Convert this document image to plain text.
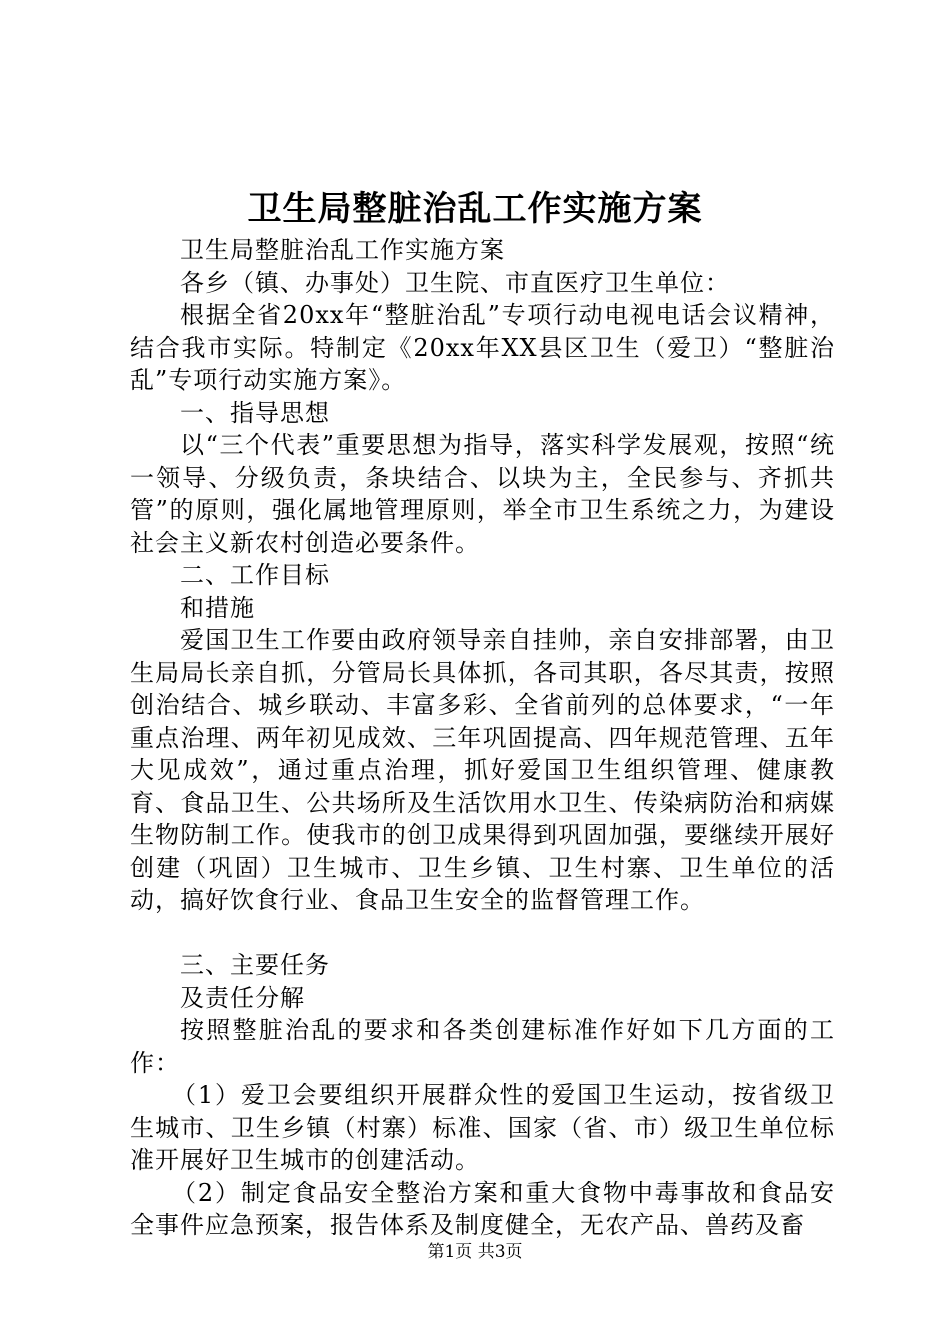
卫生局整脏治乱工作实施方案

卫生局整脏治乱工作实施方案

各乡（镇、办事处）卫生院、市直医疗卫生单位：

根据全省20xx年“整脏治乱”专项行动电视电话会议精神，结合我市实际。特制定《20xx年XX县区卫生（爱卫）“整脏治乱”专项行动实施方案》。

一、指导思想

以“三个代表”重要思想为指导，落实科学发展观，按照“统一领导、分级负责，条块结合、以块为主，全民参与、齐抓共管”的原则，强化属地管理原则，举全市卫生系统之力，为建设社会主义新农村创造必要条件。

二、工作目标

和措施

爱国卫生工作要由政府领导亲自挂帅，亲自安排部署，由卫生局局长亲自抓，分管局长具体抓，各司其职，各尽其责，按照创治结合、城乡联动、丰富多彩、全省前列的总体要求，“一年重点治理、两年初见成效、三年巩固提高、四年规范管理、五年大见成效”，通过重点治理，抓好爱国卫生组织管理、健康教育、食品卫生、公共场所及生活饮用水卫生、传染病防治和病媒生物防制工作。使我市的创卫成果得到巩固加强，要继续开展好创建（巩固）卫生城市、卫生乡镇、卫生村寨、卫生单位的活动，搞好饮食行业、食品卫生安全的监督管理工作。

三、主要任务

及责任分解

按照整脏治乱的要求和各类创建标准作好如下几方面的工作：

（1）爱卫会要组织开展群众性的爱国卫生运动，按省级卫生城市、卫生乡镇（村寨）标准、国家（省、市）级卫生单位标准开展好卫生城市的创建活动。

（2）制定食品安全整治方案和重大食物中毒事故和食品安全事件应急预案，报告体系及制度健全，无农产品、兽药及畜

第1页 共3页
